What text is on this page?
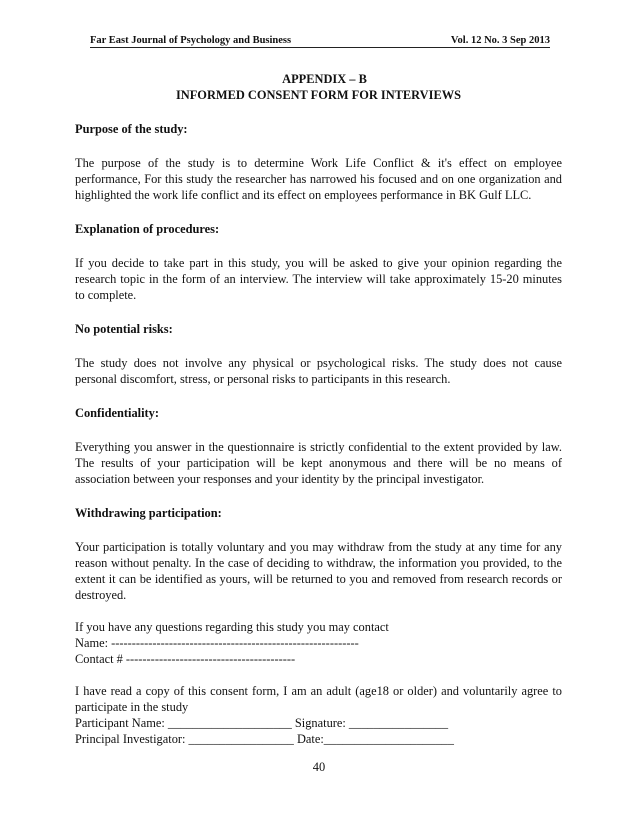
Far East Journal of Psychology and Business	Vol. 12 No. 3 Sep 2013
APPENDIX – B
INFORMED CONSENT FORM FOR INTERVIEWS
Purpose of the study:

The purpose of the study is to determine Work Life Conflict & it's effect on employee performance, For this study the researcher has narrowed his focused and on one organization and highlighted the work life conflict and its effect on employees performance in BK Gulf LLC.

Explanation of procedures:

If you decide to take part in this study, you will be asked to give your opinion regarding the research topic in the form of an interview. The interview will take approximately 15-20 minutes to complete.

No potential risks:

The study does not involve any physical or psychological risks. The study does not cause personal discomfort, stress, or personal risks to participants in this research.

Confidentiality:

Everything you answer in the questionnaire is strictly confidential to the extent provided by law. The results of your participation will be kept anonymous and there will be no means of association between your responses and your identity by the principal investigator.

Withdrawing participation:

Your participation is totally voluntary and you may withdraw from the study at any time for any reason without penalty. In the case of deciding to withdraw, the information you provided, to the extent it can be identified as yours, will be returned to you and removed from research records or destroyed.

If you have any questions regarding this study you may contact
Name: ------------------------------------------------------------
Contact # -----------------------------------------

I have read a copy of this consent form, I am an adult (age18 or older) and voluntarily agree to participate in the study

Participant Name: ____________________ Signature: ________________
Principal Investigator: _________________ Date:_____________________
40
